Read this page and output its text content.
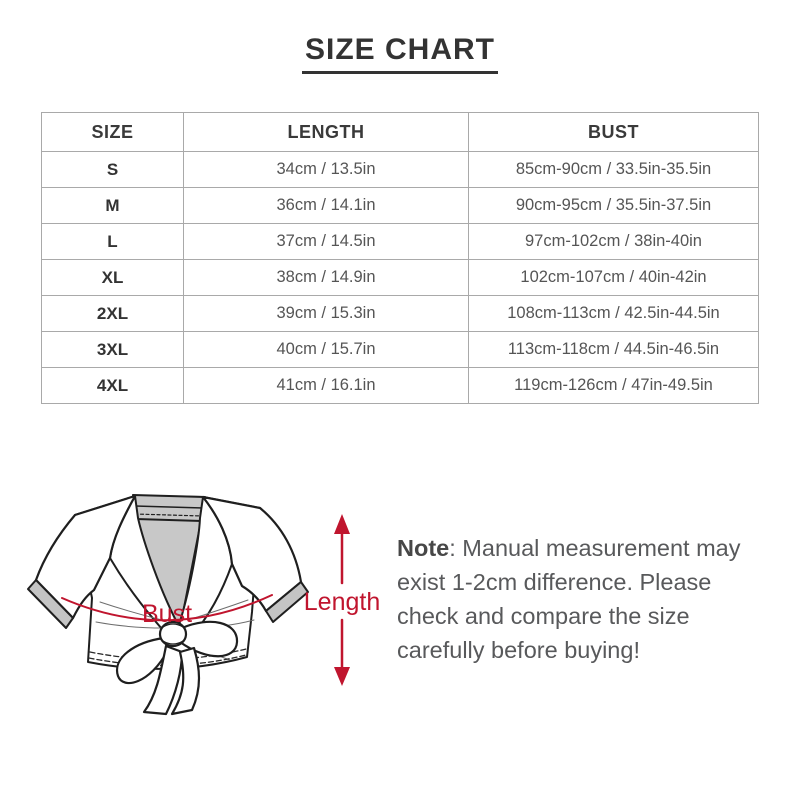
SIZE CHART
SIZE	LENGTH	BUST
S	34cm / 13.5in	85cm-90cm / 33.5in-35.5in
M	36cm / 14.1in	90cm-95cm / 35.5in-37.5in
L	37cm / 14.5in	97cm-102cm / 38in-40in
XL	38cm / 14.9in	102cm-107cm / 40in-42in
2XL	39cm / 15.3in	108cm-113cm / 42.5in-44.5in
3XL	40cm / 15.7in	113cm-118cm / 44.5in-46.5in
4XL	41cm / 16.1in	119cm-126cm / 47in-49.5in
Bust	Length
Note: Manual measurement may exist 1-2cm difference. Please check and compare the size carefully before buying!
